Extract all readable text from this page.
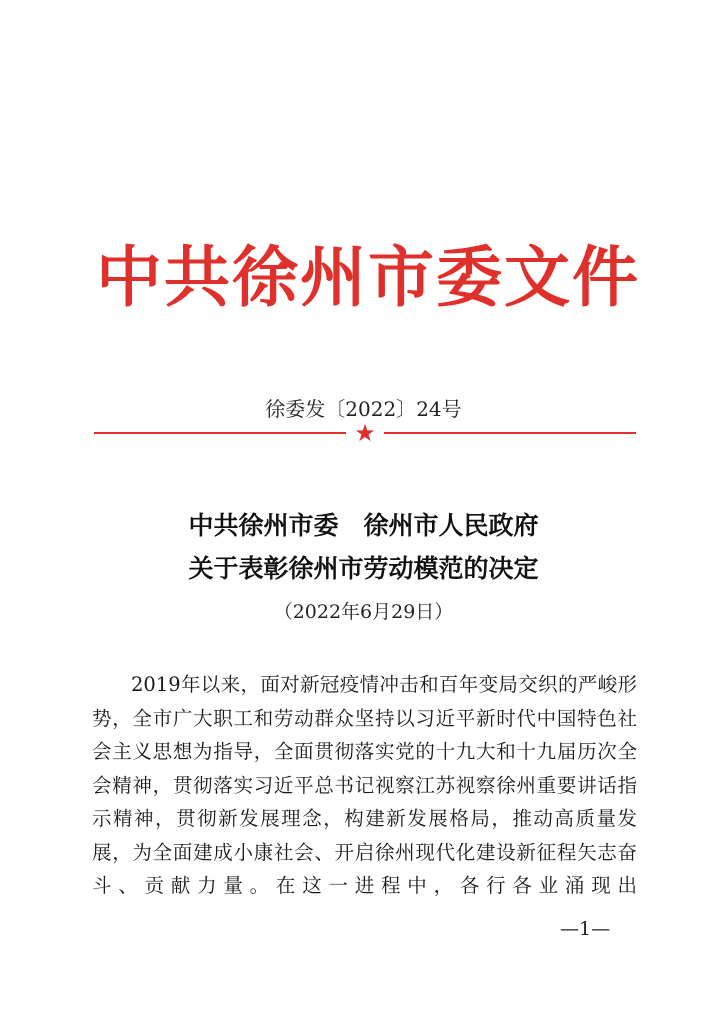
中共徐州市委文件
徐委发〔2022〕24号
★
中共徐州市委　徐州市人民政府
关于表彰徐州市劳动模范的决定
（2022年6月29日）

2019年以来，面对新冠疫情冲击和百年变局交织的严峻形势，全市广大职工和劳动群众坚持以习近平新时代中国特色社会主义思想为指导，全面贯彻落实党的十九大和十九届历次全会精神，贯彻落实习近平总书记视察江苏视察徐州重要讲话指示精神，贯彻新发展理念，构建新发展格局，推动高质量发展，为全面建成小康社会、开启徐州现代化建设新征程矢志奋斗、贡献力量。在这一进程中，各行各业涌现出

—1—
